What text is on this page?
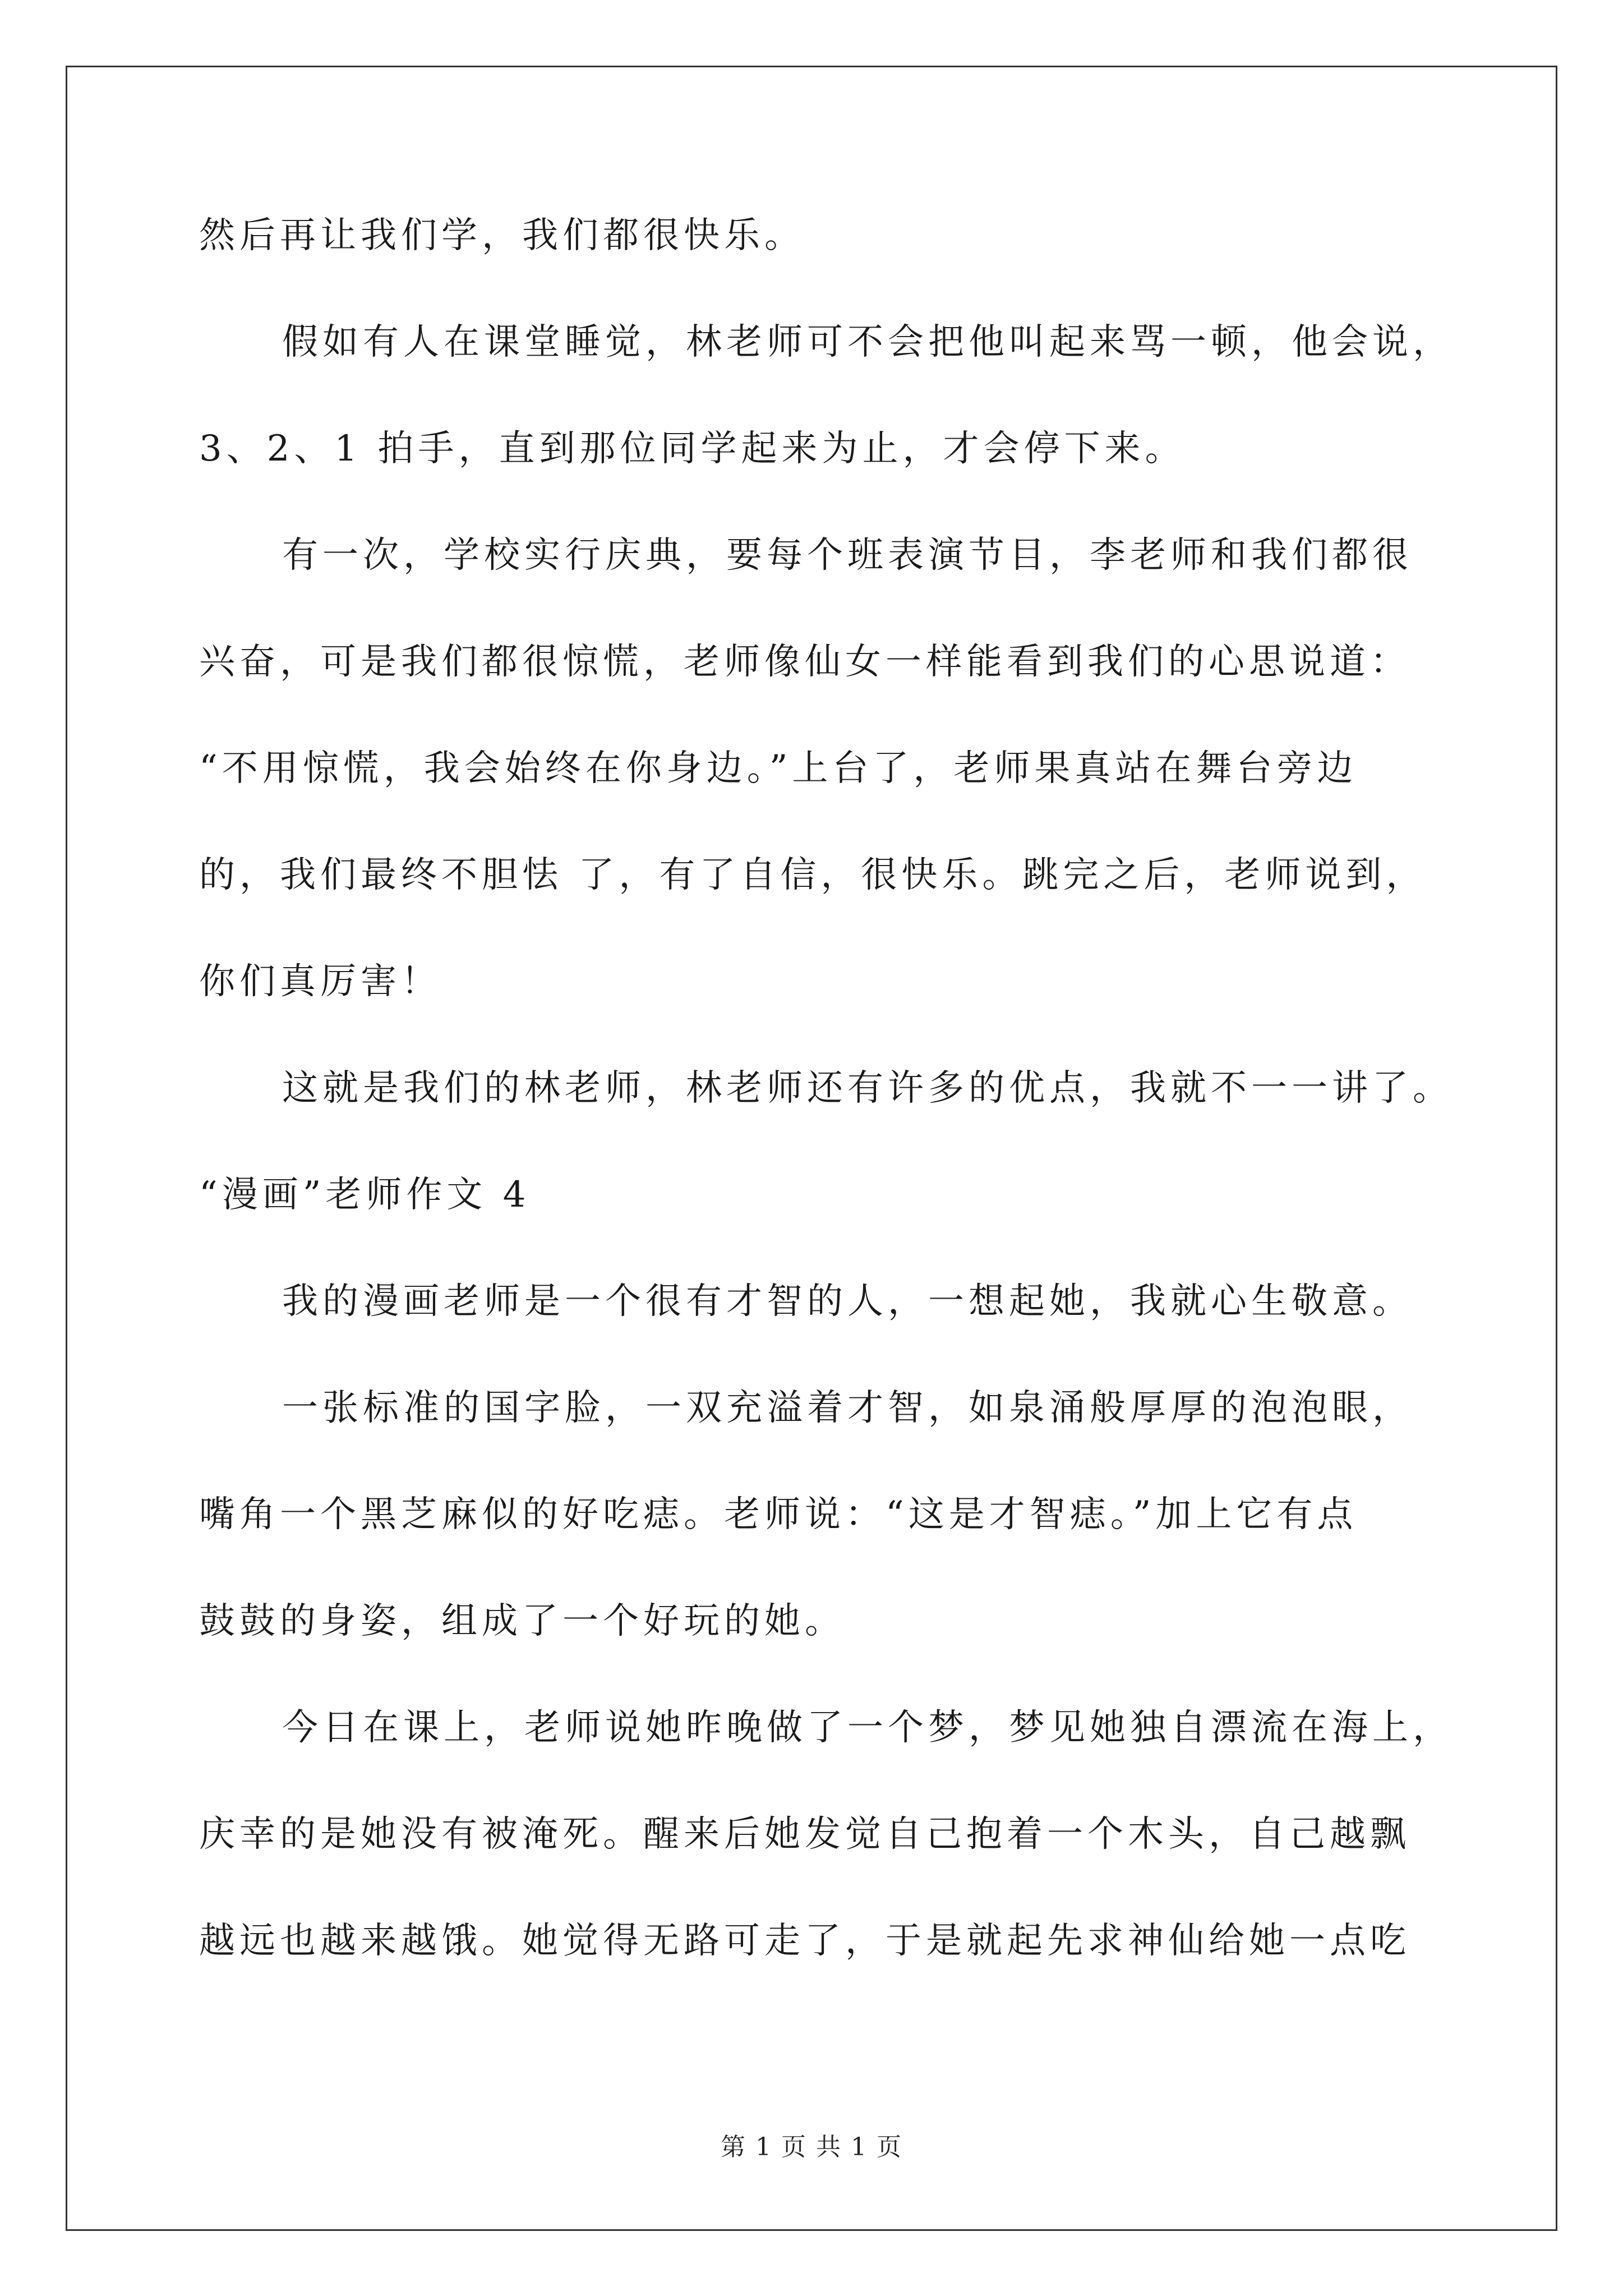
然后再让我们学，我们都很快乐。
假如有人在课堂睡觉，林老师可不会把他叫起来骂一顿，他会说，
3、2、1 拍手，直到那位同学起来为止，才会停下来。
有一次，学校实行庆典，要每个班表演节目，李老师和我们都很
兴奋，可是我们都很惊慌，老师像仙女一样能看到我们的心思说道：
“不用惊慌，我会始终在你身边。”上台了，老师果真站在舞台旁边
的，我们最终不胆怯 了，有了自信，很快乐。跳完之后，老师说到，
你们真厉害！
这就是我们的林老师，林老师还有许多的优点，我就不一一讲了。
“漫画”老师作文 4
我的漫画老师是一个很有才智的人，一想起她，我就心生敬意。
一张标准的国字脸，一双充溢着才智，如泉涌般厚厚的泡泡眼，
嘴角一个黑芝麻似的好吃痣。老师说：“这是才智痣。”加上它有点
鼓鼓的身姿，组成了一个好玩的她。
今日在课上，老师说她昨晚做了一个梦，梦见她独自漂流在海上，
庆幸的是她没有被淹死。醒来后她发觉自己抱着一个木头，自己越飘
越远也越来越饿。她觉得无路可走了，于是就起先求神仙给她一点吃
第 1 页 共 1 页
